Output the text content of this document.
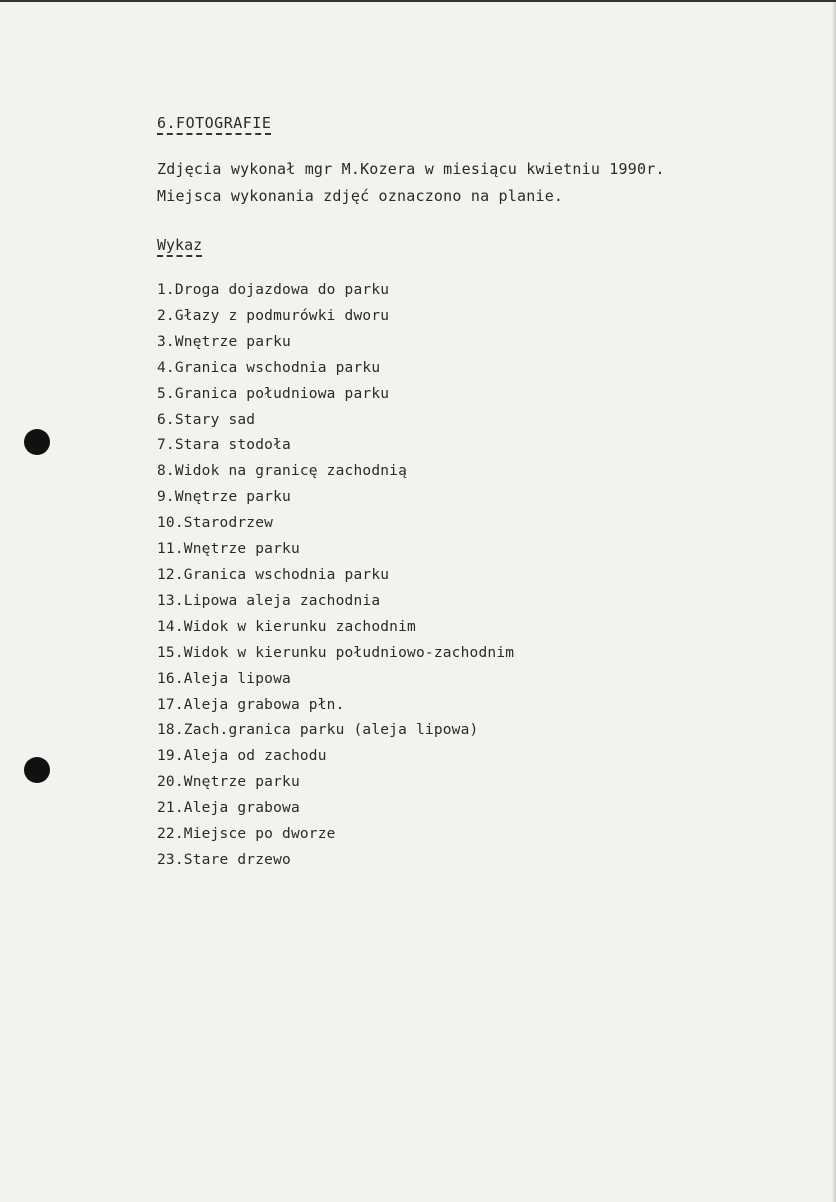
6.FOTOGRAFIE
Zdjęcia wykonał mgr M.Kozera w miesiącu kwietniu 1990r.
Miejsca wykonania zdjęć oznaczono na planie.
Wykaz
1.Droga dojazdowa do parku
2.Głazy z podmurówki dworu
3.Wnętrze parku
4.Granica wschodnia parku
5.Granica południowa parku
6.Stary sad
7.Stara stodoła
8.Widok na granicę zachodnią
9.Wnętrze parku
10.Starodrzew
11.Wnętrze parku
12.Granica wschodnia parku
13.Lipowa aleja zachodnia
14.Widok w kierunku zachodnim
15.Widok w kierunku południowo-zachodnim
16.Aleja lipowa
17.Aleja grabowa płn.
18.Zach.granica parku (aleja lipowa)
19.Aleja od zachodu
20.Wnętrze parku
21.Aleja grabowa
22.Miejsce po dworze
23.Stare drzewo
